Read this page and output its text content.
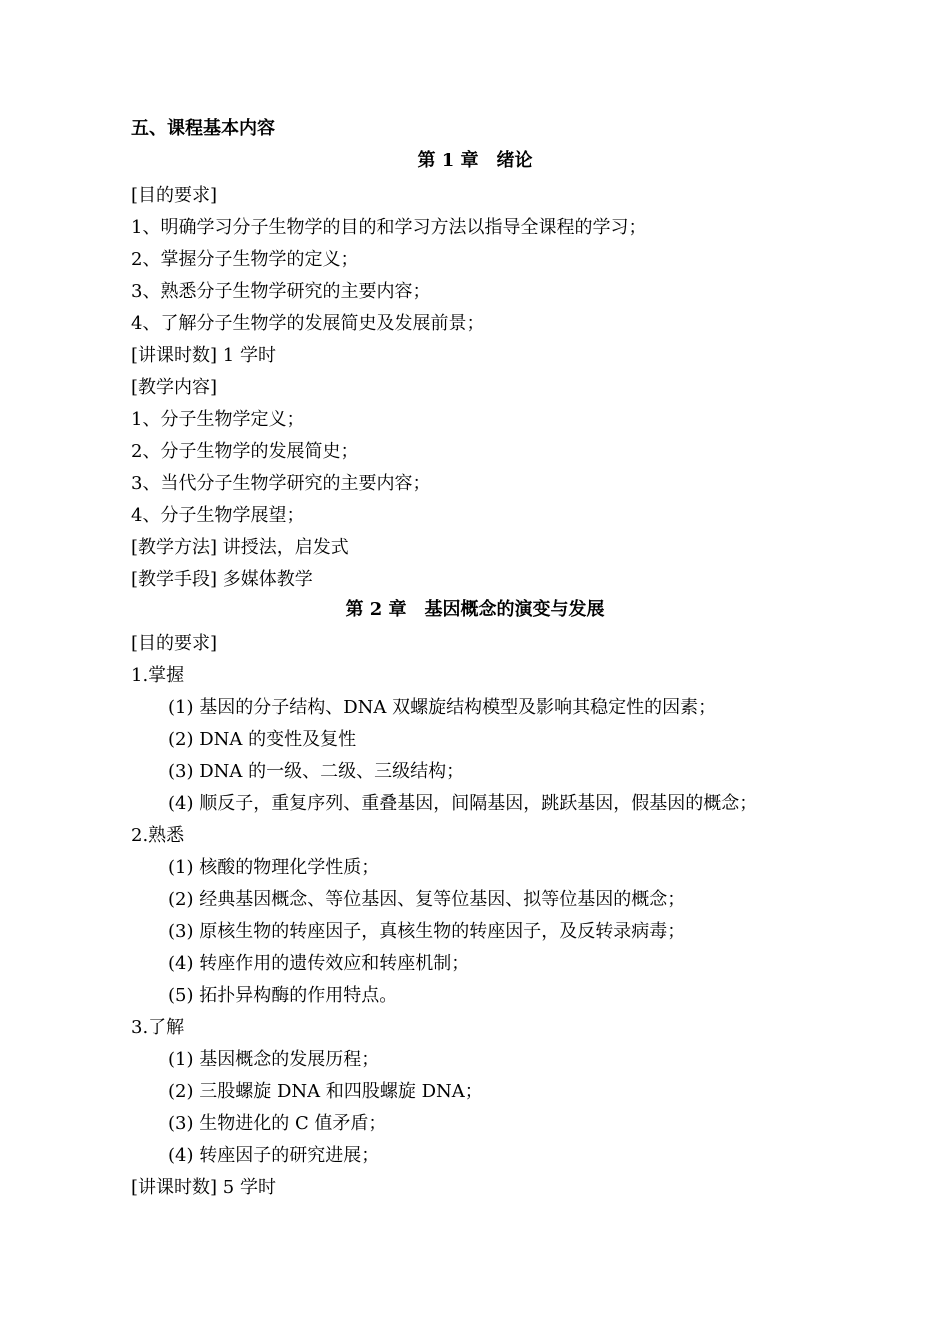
五、课程基本内容
第 1 章　绪论
[目的要求]
1、明确学习分子生物学的目的和学习方法以指导全课程的学习；
2、掌握分子生物学的定义；
3、熟悉分子生物学研究的主要内容；
4、了解分子生物学的发展简史及发展前景；
[讲课时数] 1 学时
[教学内容]
1、分子生物学定义；
2、分子生物学的发展简史；
3、当代分子生物学研究的主要内容；
4、分子生物学展望；
[教学方法] 讲授法，启发式
[教学手段] 多媒体教学
第 2 章　基因概念的演变与发展
[目的要求]
1.掌握
(1) 基因的分子结构、DNA 双螺旋结构模型及影响其稳定性的因素；
(2) DNA 的变性及复性
(3) DNA 的一级、二级、三级结构；
(4) 顺反子，重复序列、重叠基因，间隔基因，跳跃基因，假基因的概念；
2.熟悉
(1) 核酸的物理化学性质；
(2) 经典基因概念、等位基因、复等位基因、拟等位基因的概念；
(3) 原核生物的转座因子，真核生物的转座因子，及反转录病毒；
(4) 转座作用的遗传效应和转座机制；
(5) 拓扑异构酶的作用特点。
3.了解
(1) 基因概念的发展历程；
(2) 三股螺旋 DNA 和四股螺旋 DNA；
(3) 生物进化的 C 值矛盾；
(4) 转座因子的研究进展；
[讲课时数] 5 学时
